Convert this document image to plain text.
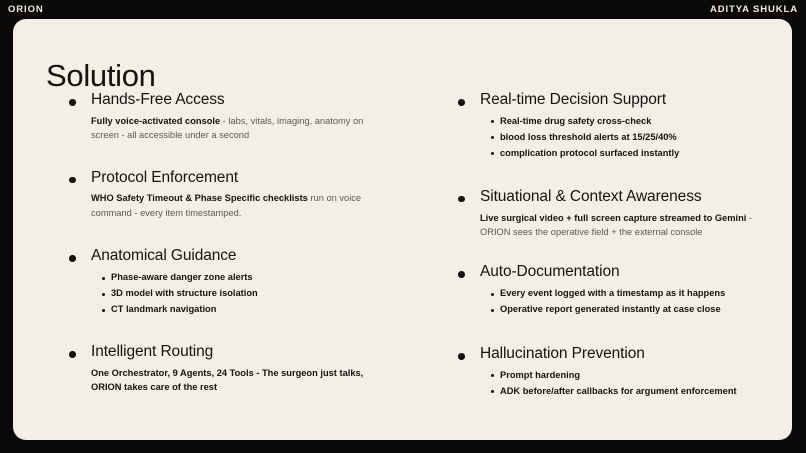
ORION	ADITYA SHUKLA
Solution
Hands-Free Access

Fully voice-activated console - labs, vitals, imaging, anatomy on screen - all accessible under a second

Protocol Enforcement

WHO Safety Timeout & Phase Specific checklists run on voice command - every item timestamped.

Anatomical Guidance
Phase-aware danger zone alerts
3D model with structure isolation
CT landmark navigation
Intelligent Routing

One Orchestrator, 9 Agents, 24 Tools - The surgeon just talks, ORION takes care of the rest

Real-time Decision Support
Real-time drug safety cross-check
blood loss threshold alerts at 15/25/40%
complication protocol surfaced instantly
Situational & Context Awareness

Live surgical video + full screen capture streamed to Gemini - ORION sees the operative field + the external console

Auto-Documentation
Every event logged with a timestamp as it happens
Operative report generated instantly at case close
Hallucination Prevention
Prompt hardening
ADK before/after callbacks for argument enforcement
